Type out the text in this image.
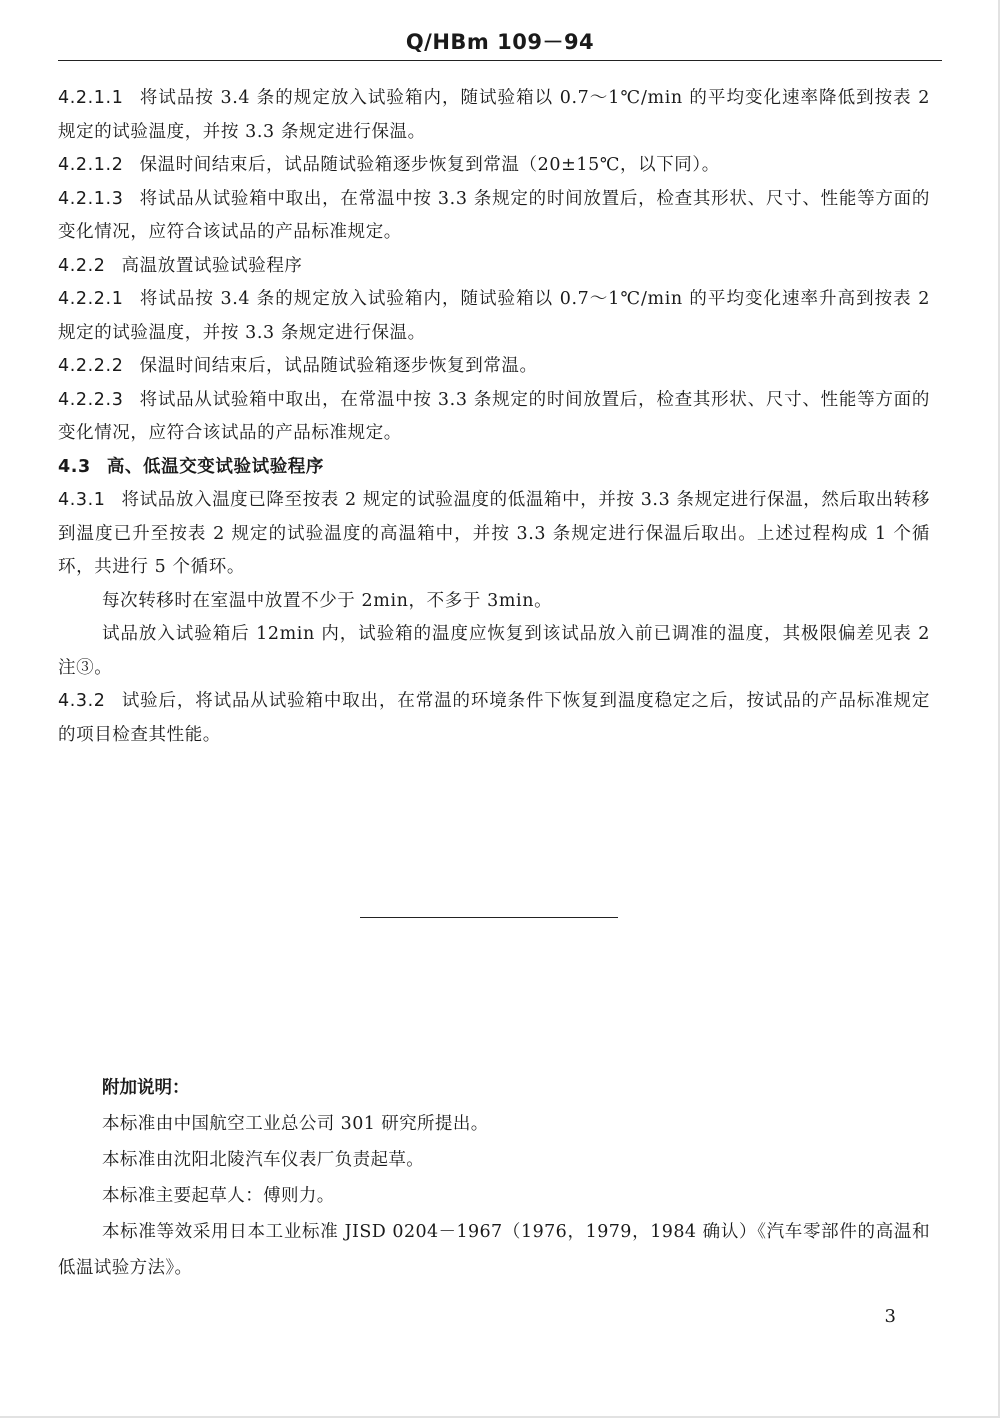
Q/HBm 109－94

4.2.1.1 将试品按 3.4 条的规定放入试验箱内，随试验箱以 0.7～1℃/min 的平均变化速率降低到按表 2 规定的试验温度，并按 3.3 条规定进行保温。

4.2.1.2 保温时间结束后，试品随试验箱逐步恢复到常温（20±15℃，以下同）。

4.2.1.3 将试品从试验箱中取出，在常温中按 3.3 条规定的时间放置后，检查其形状、尺寸、性能等方面的变化情况，应符合该试品的产品标准规定。

4.2.2 高温放置试验试验程序

4.2.2.1 将试品按 3.4 条的规定放入试验箱内，随试验箱以 0.7～1℃/min 的平均变化速率升高到按表 2 规定的试验温度，并按 3.3 条规定进行保温。

4.2.2.2 保温时间结束后，试品随试验箱逐步恢复到常温。

4.2.2.3 将试品从试验箱中取出，在常温中按 3.3 条规定的时间放置后，检查其形状、尺寸、性能等方面的变化情况，应符合该试品的产品标准规定。

4.3 高、低温交变试验试验程序

4.3.1 将试品放入温度已降至按表 2 规定的试验温度的低温箱中，并按 3.3 条规定进行保温，然后取出转移到温度已升至按表 2 规定的试验温度的高温箱中，并按 3.3 条规定进行保温后取出。上述过程构成 1 个循环，共进行 5 个循环。

每次转移时在室温中放置不少于 2min，不多于 3min。

试品放入试验箱后 12min 内，试验箱的温度应恢复到该试品放入前已调准的温度，其极限偏差见表 2 注③。

4.3.2 试验后，将试品从试验箱中取出，在常温的环境条件下恢复到温度稳定之后，按试品的产品标准规定的项目检查其性能。

附加说明：

本标准由中国航空工业总公司 301 研究所提出。

本标准由沈阳北陵汽车仪表厂负责起草。

本标准主要起草人：傅则力。

本标准等效采用日本工业标准 JISD 0204－1967（1976，1979，1984 确认）《汽车零部件的高温和低温试验方法》。

3
